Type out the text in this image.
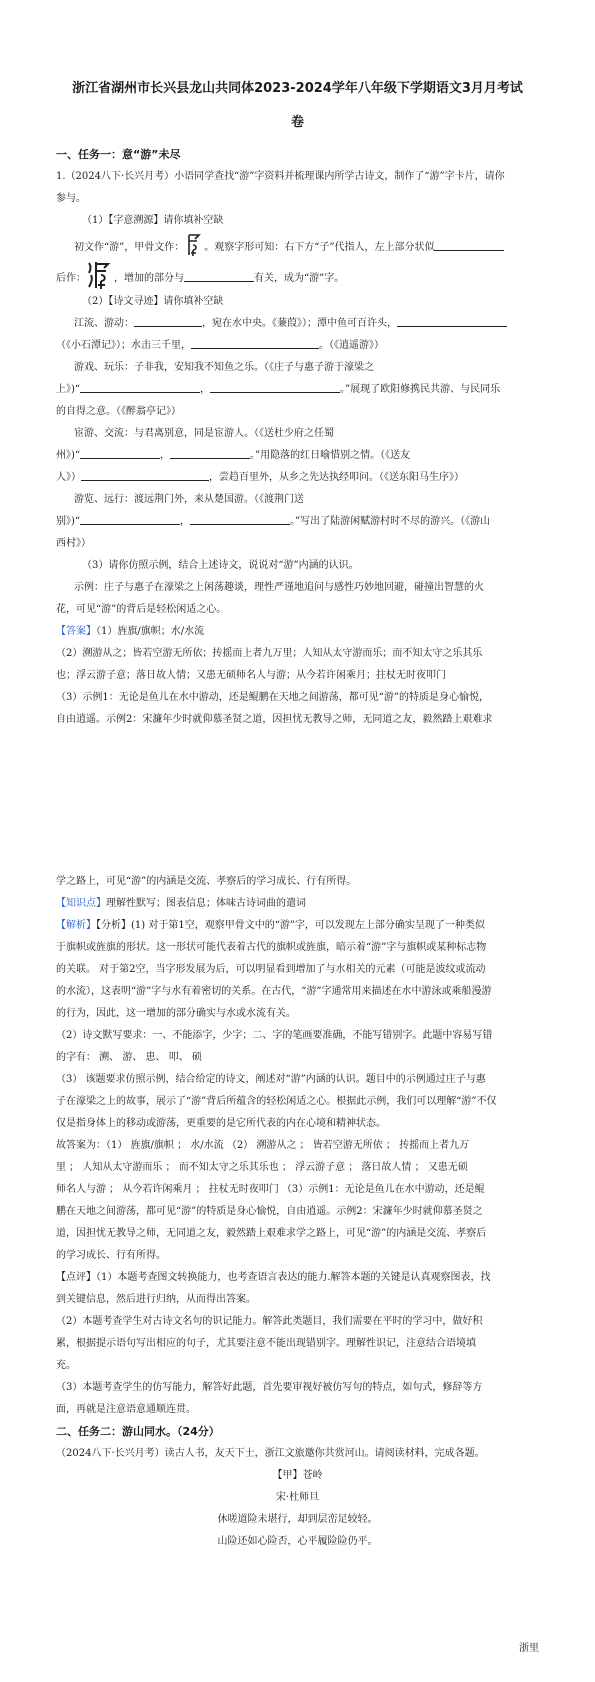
浙江省湖州市长兴县龙山共同体2023-2024学年八年级下学期语文3月月考试
卷

一、任务一：意“游”未尽

1.（2024八下·长兴月考）小语同学查找“游”字资料并梳理课内所学古诗文，制作了“游”字卡片，请你

参与。

（1）【字意溯源】请你填补空缺

初文作“游”，甲骨文作： 。观察字形可知：右下方“子”代指人，左上部分状似

后作：	，增加的部分与	有关，成为“游”字。

（2）【诗文寻迹】请你填补空缺

江流、游动：	，宛在水中央。《蒹葭》）；潭中鱼可百许头，

（《小石潭记》）；水击三千里，	。（《逍遥游》）

游戏、玩乐：子非我，安知我不知鱼之乐。（《庄子与惠子游于濠梁之

上》)“	，	。”展现了欧阳修携民共游、与民同乐

的自得之意。（《醉翁亭记》）

宦游、交流：与君离别意，同是宦游人。（《送杜少府之任蜀

州》)“	，	。”用隐落的红日喻惜别之情。（《送友

人》）	，尝趋百里外，从乡之先达执经叩问。（《送东阳马生序》）

游览、远行：渡远荆门外，来从楚国游。（《渡荆门送

别》)“	，	。”写出了陆游闲赋游村时不尽的游兴。（《游山

西村》）

（3）请你仿照示例，结合上述诗文，说说对“游”内涵的认识。

示例：庄子与惠子在濠梁之上闲荡趣谈，理性严谨地追问与感性巧妙地回避，碰撞出智慧的火

花，可见“游”的背后是轻松闲适之心。

【答案】（1）旌旗/旗帜；水/水流

（2）溯游从之；皆若空游无所依；抟摇而上者九万里；人知从太守游而乐；而不知太守之乐其乐

也；浮云游子意；落日故人情；又患无硕师名人与游；从今若许闲乘月；拄杖无时夜叩门

（3）示例1：无论是鱼儿在水中游动，还是鲲鹏在天地之间游荡，都可见“游”的特质是身心愉悦，

自由逍遥。示例2：宋濂年少时就仰慕圣贤之道，因担忧无教导之师，无同道之友，毅然踏上艰难求

学之路上，可见“游”的内涵是交流、孝察后的学习成长、行有所得。

【知识点】理解性默写；图表信息；体味古诗词曲的遣词

【解析】【分析】(1) 对于第1空，观察甲骨文中的“游”字，可以发现左上部分确实呈现了一种类似

于旗帜或旌旗的形状。这一形状可能代表着古代的旗帜或旌旗，暗示着“游”字与旗帜或某种标志物

的关联。 对于第2空，当字形发展为后，可以明显看到增加了与水相关的元素（可能是波纹或流动

的水流），这表明“游”字与水有着密切的关系。在古代，“游”字通常用来描述在水中游泳或乘船漫游

的行为，因此，这一增加的部分确实与水或水流有关。

（2）诗文默写要求：一、不能添字，少字；二、字的笔画要准确，不能写错别字。此题中容易写错

的字有： 溯、 游、 患、 叩、 硕

（3） 该题要求仿照示例，结合给定的诗文，阐述对“游”内涵的认识。题目中的示例通过庄子与惠

子在濠梁之上的故事，展示了“游”背后所蕴含的轻松闲适之心。根据此示例，我们可以理解“游”不仅

仅是指身体上的移动或游荡，更重要的是它所代表的内在心境和精神状态。

故答案为：（1） 旌旗/旗帜 ； 水/水流 （2） 溯游从之 ； 皆若空游无所依 ； 抟摇而上者九万

里 ； 人知从太守游而乐 ； 而不知太守之乐其乐也 ； 浮云游子意 ； 落日故人情 ； 又患无硕

师名人与游 ； 从今若许闲乘月 ； 拄杖无时夜叩门 （3）示例1：无论是鱼儿在水中游动，还是鲲

鹏在天地之间游荡，都可见“游”的特质是身心愉悦，自由逍遥。示例2：宋濂年少时就仰慕圣贤之

道，因担忧无教导之师，无同道之友，毅然踏上艰难求学之路上，可见“游”的内涵是交流、孝察后

的学习成长、行有所得。

【点评】（1）本题考查图文转换能力，也考查语言表达的能力.解答本题的关键是认真观察图表，找

到关键信息，然后进行归纳，从而得出答案。

（2）本题考查学生对古诗文名句的识记能力。解答此类题目，我们需要在平时的学习中，做好积

累，根据提示语句写出相应的句子，尤其要注意不能出现错别字。理解性识记，注意结合语境填

充。

（3）本题考查学生的仿写能力，解答好此题，首先要审视好被仿写句的特点，如句式，修辞等方

面，再就是注意语意通顺连贯。

二、任务二：游山同水。（24分）

（2024八下·长兴月考）读古人书，友天下士，浙江文旅邀你共赏河山。请阅读材料，完成各题。

【甲】苍岭

宋·杜师旦

休嗟道险未堪行，却到层峦足较轻。

山险还如心险否，心平履险险仍平。

浙里
